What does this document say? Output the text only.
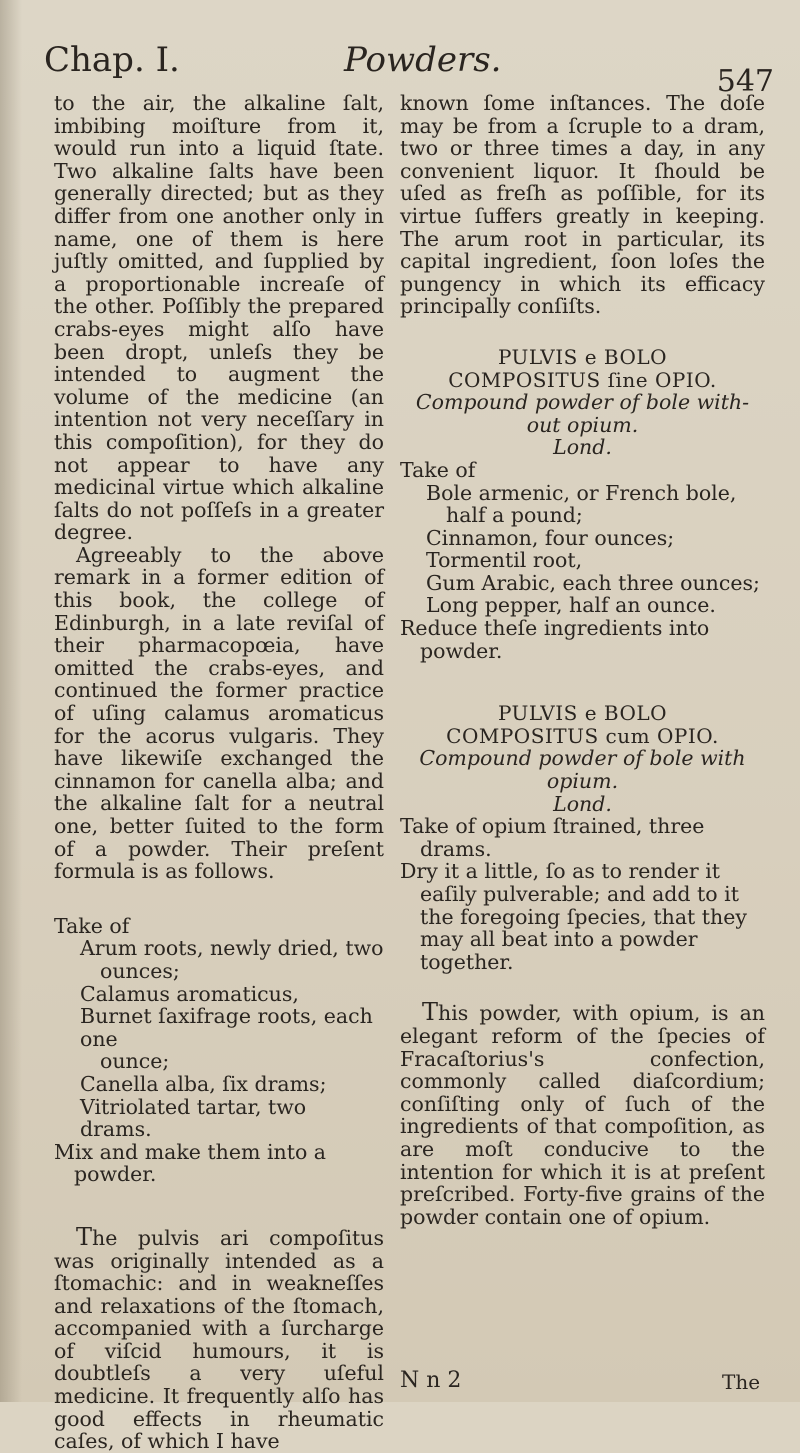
Chap. I.	Powders.
547

to the air, the alkaline ſalt, imbibing moiſture from it, would run into a liquid ſtate. Two alkaline ſalts have been generally directed; but as they differ from one another only in name, one of them is here juſtly omitted, and ſupplied by a proportionable increaſe of the other. Poſſibly the prepared crabs-eyes might alſo have been dropt, unleſs they be intended to augment the volume of the medicine (an intention not very neceſſary in this compoſition), for they do not appear to have any medicinal virtue which alkaline ſalts do not poſſeſs in a greater degree.

Agreeably to the above remark in a former edition of this book, the college of Edinburgh, in a late reviſal of their pharmacopœia, have omitted the crabs-eyes, and continued the former practice of uſing calamus aromaticus for the acorus vulgaris. They have likewiſe exchanged the cinnamon for canella alba; and the alkaline ſalt for a neutral one, better ſuited to the form of a powder. Their preſent formula is as follows.

Take of

Arum roots, newly dried, two
ounces;
Calamus aromaticus,
Burnet ſaxifrage roots, each one
ounce;
Canella alba, ſix drams;
Vitriolated tartar, two drams.

Mix and make them into a powder.

The pulvis ari compoſitus was originally intended as a ſtomachic: and in weakneſſes and relaxations of the ſtomach, accompanied with a ſurcharge of viſcid humours, it is doubtleſs a very uſeful medicine. It frequently alſo has good effects in rheumatic caſes, of which I have

known ſome inſtances. The doſe may be from a ſcruple to a dram, two or three times a day, in any convenient liquor. It ſhould be uſed as freſh as poſſible, for its virtue ſuffers greatly in keeping. The arum root in particular, its capital ingredient, ſoon loſes the pungency in which its efficacy principally conſiſts.

PULVIS e BOLO

COMPOSITUS ſine OPIO.

Compound powder of bole with-

out opium.

Lond.

Take of

Bole armenic, or French bole,
half a pound;
Cinnamon, four ounces;
Tormentil root,
Gum Arabic, each three ounces;
Long pepper, half an ounce.

Reduce theſe ingredients into powder.

PULVIS e BOLO

COMPOSITUS cum OPIO.

Compound powder of bole with

opium.

Lond.

Take of opium ſtrained, three drams.

Dry it a little, ſo as to render it eaſily pulverable; and add to it the foregoing ſpecies, that they may all beat into a powder together.

This powder, with opium, is an elegant reform of the ſpecies of Fracaſtorius's confection, commonly called diaſcordium; conſiſting only of ſuch of the ingredients of that compoſition, as are moſt conducive to the intention for which it is at preſent preſcribed. Forty-five grains of the powder contain one of opium.

N n 2	The
